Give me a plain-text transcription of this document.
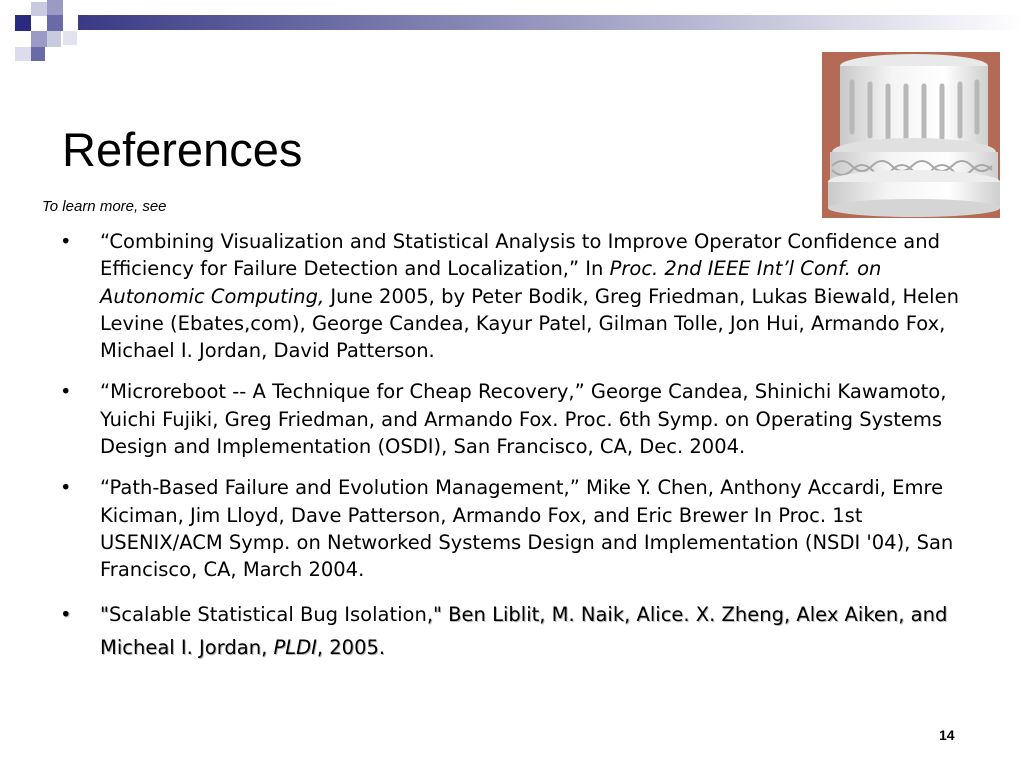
References
To learn more, see
• “Combining Visualization and Statistical Analysis to Improve Operator Confidence and Efficiency for Failure Detection and Localization,” In Proc. 2nd IEEE Int’l Conf. on Autonomic Computing, June 2005, by Peter Bodik, Greg Friedman, Lukas Biewald, Helen Levine (Ebates,com), George Candea, Kayur Patel, Gilman Tolle, Jon Hui, Armando Fox, Michael I. Jordan, David Patterson.
• “Microreboot -- A Technique for Cheap Recovery,” George Candea, Shinichi Kawamoto, Yuichi Fujiki, Greg Friedman, and Armando Fox. Proc. 6th Symp. on Operating Systems Design and Implementation (OSDI), San Francisco, CA, Dec. 2004.
• “Path-Based Failure and Evolution Management,” Mike Y. Chen, Anthony Accardi, Emre Kiciman, Jim Lloyd, Dave Patterson, Armando Fox, and Eric Brewer In Proc. 1st USENIX/ACM Symp. on Networked Systems Design and Implementation (NSDI '04), San Francisco, CA, March 2004.
• "Scalable Statistical Bug Isolation," Ben Liblit, M. Naik, Alice. X. Zheng, Alex Aiken, and Micheal I. Jordan, PLDI, 2005.
14
